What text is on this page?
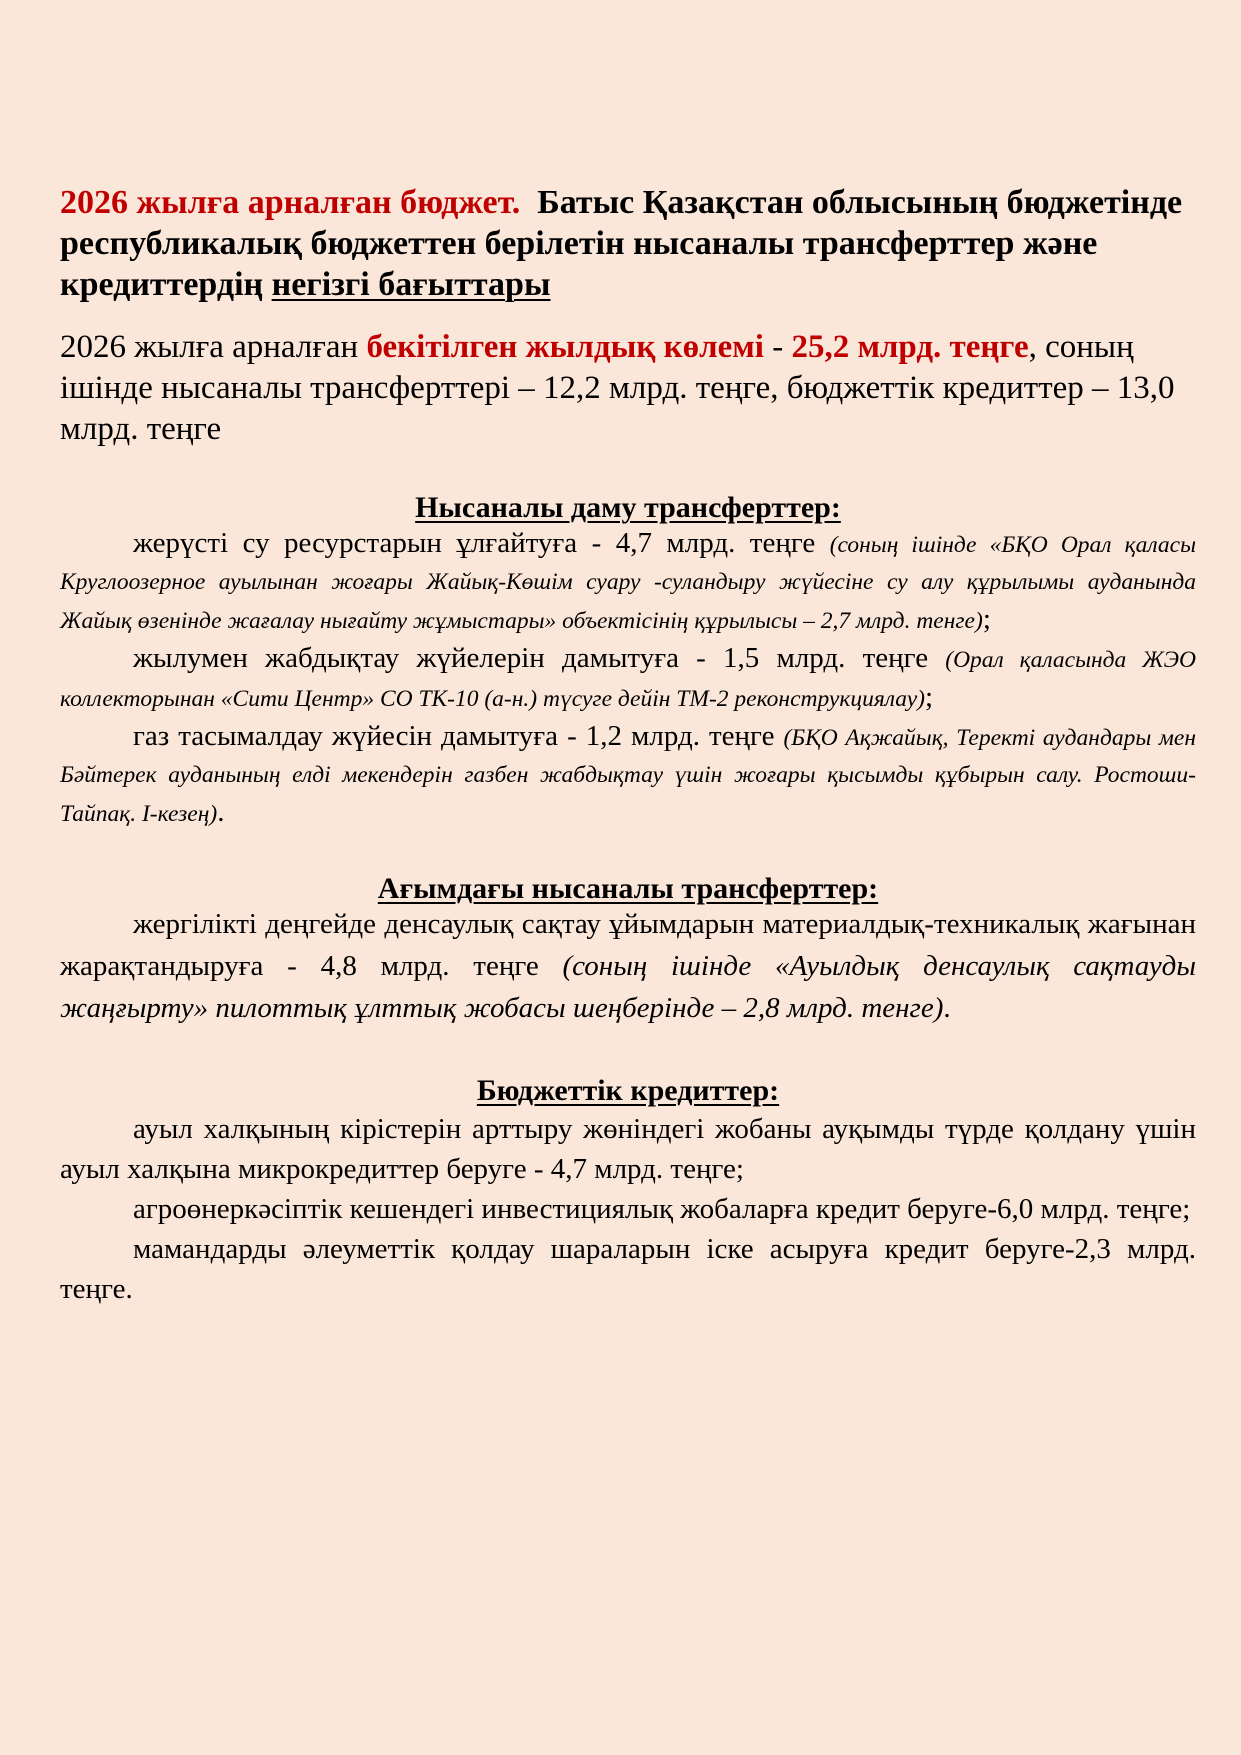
2026 жылға арналған бюджет. Батыс Қазақстан облысының бюджетінде республикалық бюджеттен берілетін нысаналы трансферттер және кредиттердің негізгі бағыттары

2026 жылға арналған бекітілген жылдық көлемі - 25,2 млрд. теңге, соның ішінде нысаналы трансферттері – 12,2 млрд. теңге, бюджеттік кредиттер – 13,0 млрд. теңге

Нысаналы даму трансферттер:

жерүсті су ресурстарын ұлғайтуға - 4,7 млрд. теңге (соның ішінде «БҚО Орал қаласы Круглоозерное ауылынан жоғары Жайық-Көшім суару -суландыру жүйесіне су алу құрылымы ауданында Жайық өзенінде жағалау нығайту жұмыстары» объектісінің құрылысы – 2,7 млрд. тенге);

жылумен жабдықтау жүйелерін дамытуға - 1,5 млрд. теңге (Орал қаласында ЖЭО коллекторынан «Сити Центр» СО ТК-10 (а-н.) түсуге дейін ТМ-2 реконструкциялау);

газ тасымалдау жүйесін дамытуға - 1,2 млрд. теңге (БҚО Ақжайық, Теректі аудандары мен Бәйтерек ауданының елді мекендерін газбен жабдықтау үшін жоғары қысымды құбырын салу. Ростоши-Тайпақ. І-кезең).

Ағымдағы нысаналы трансферттер:

жергілікті деңгейде денсаулық сақтау ұйымдарын материалдық-техникалық жағынан жарақтандыруға - 4,8 млрд. теңге (соның ішінде «Ауылдық денсаулық сақтауды жаңғырту» пилоттық ұлттық жобасы шеңберінде – 2,8 млрд. тенге).

Бюджеттік кредиттер:

ауыл халқының кірістерін арттыру жөніндегі жобаны ауқымды түрде қолдану үшін ауыл халқына микрокредиттер беруге - 4,7 млрд. теңге;

агроөнеркәсіптік кешендегі инвестициялық жобаларға кредит беруге-6,0 млрд. теңге;

мамандарды әлеуметтік қолдау шараларын іске асыруға кредит беруге-2,3 млрд. теңге.
